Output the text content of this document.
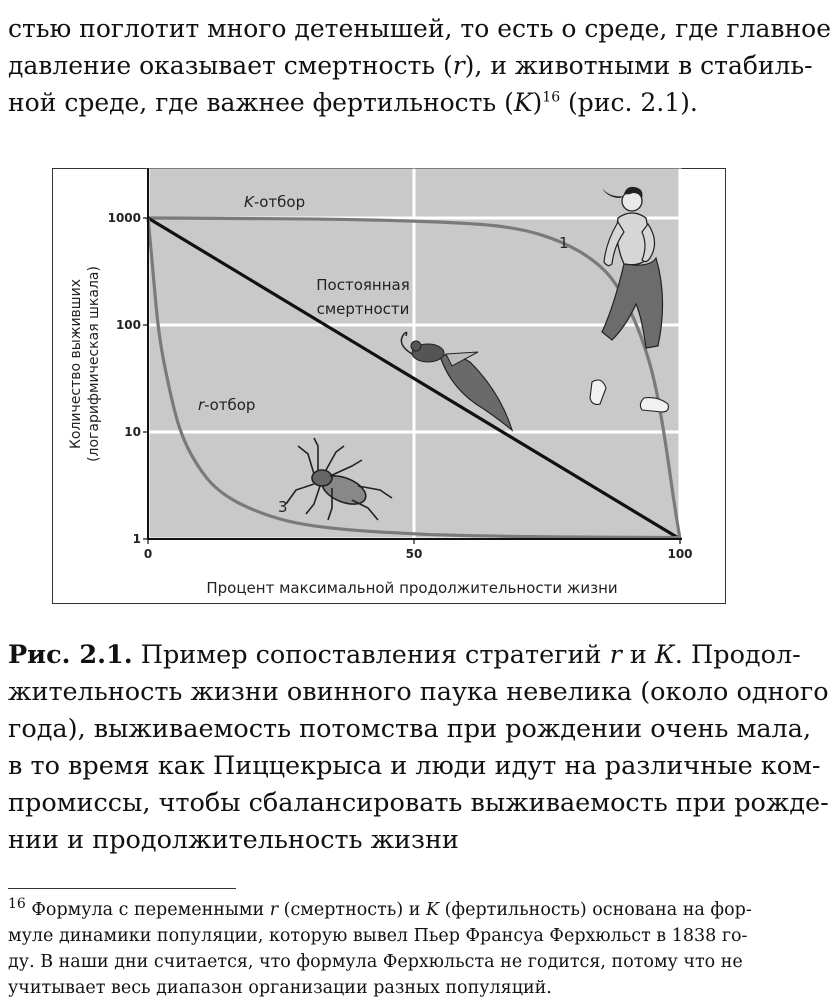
стью поглотит много детенышей, то есть о среде, где главное
давление оказывает смертность (r), и животными в стабиль-
ной среде, где важнее фертильность $(K)^{16}$ (рис. 2.1).
1000
100
10
1
0	50	100
K-отбор
1
Постоянная
смертности
r-отбор
3
Процент максимальной продолжительности жизни
Количество выживших (логарифмическая шкала)
Рис. 2.1. Пример сопоставления стратегий r и К. Продол-
жительность жизни овинного паука невелика (около одного
года), выживаемость потомства при рождении очень мала,
в то время как Пиццекрыса и люди идут на различные ком-
промиссы, чтобы сбалансировать выживаемость при рожде-
нии и продолжительность жизни
$^{16}$ Формула с переменными r (смертность) и K (фертильность) основана на фор-
муле динамики популяции, которую вывел Пьер Франсуа Ферхюльст в 1838 го-
ду. В наши дни считается, что формула Ферхюльста не годится, потому что не
учитывает весь диапазон организации разных популяций.
